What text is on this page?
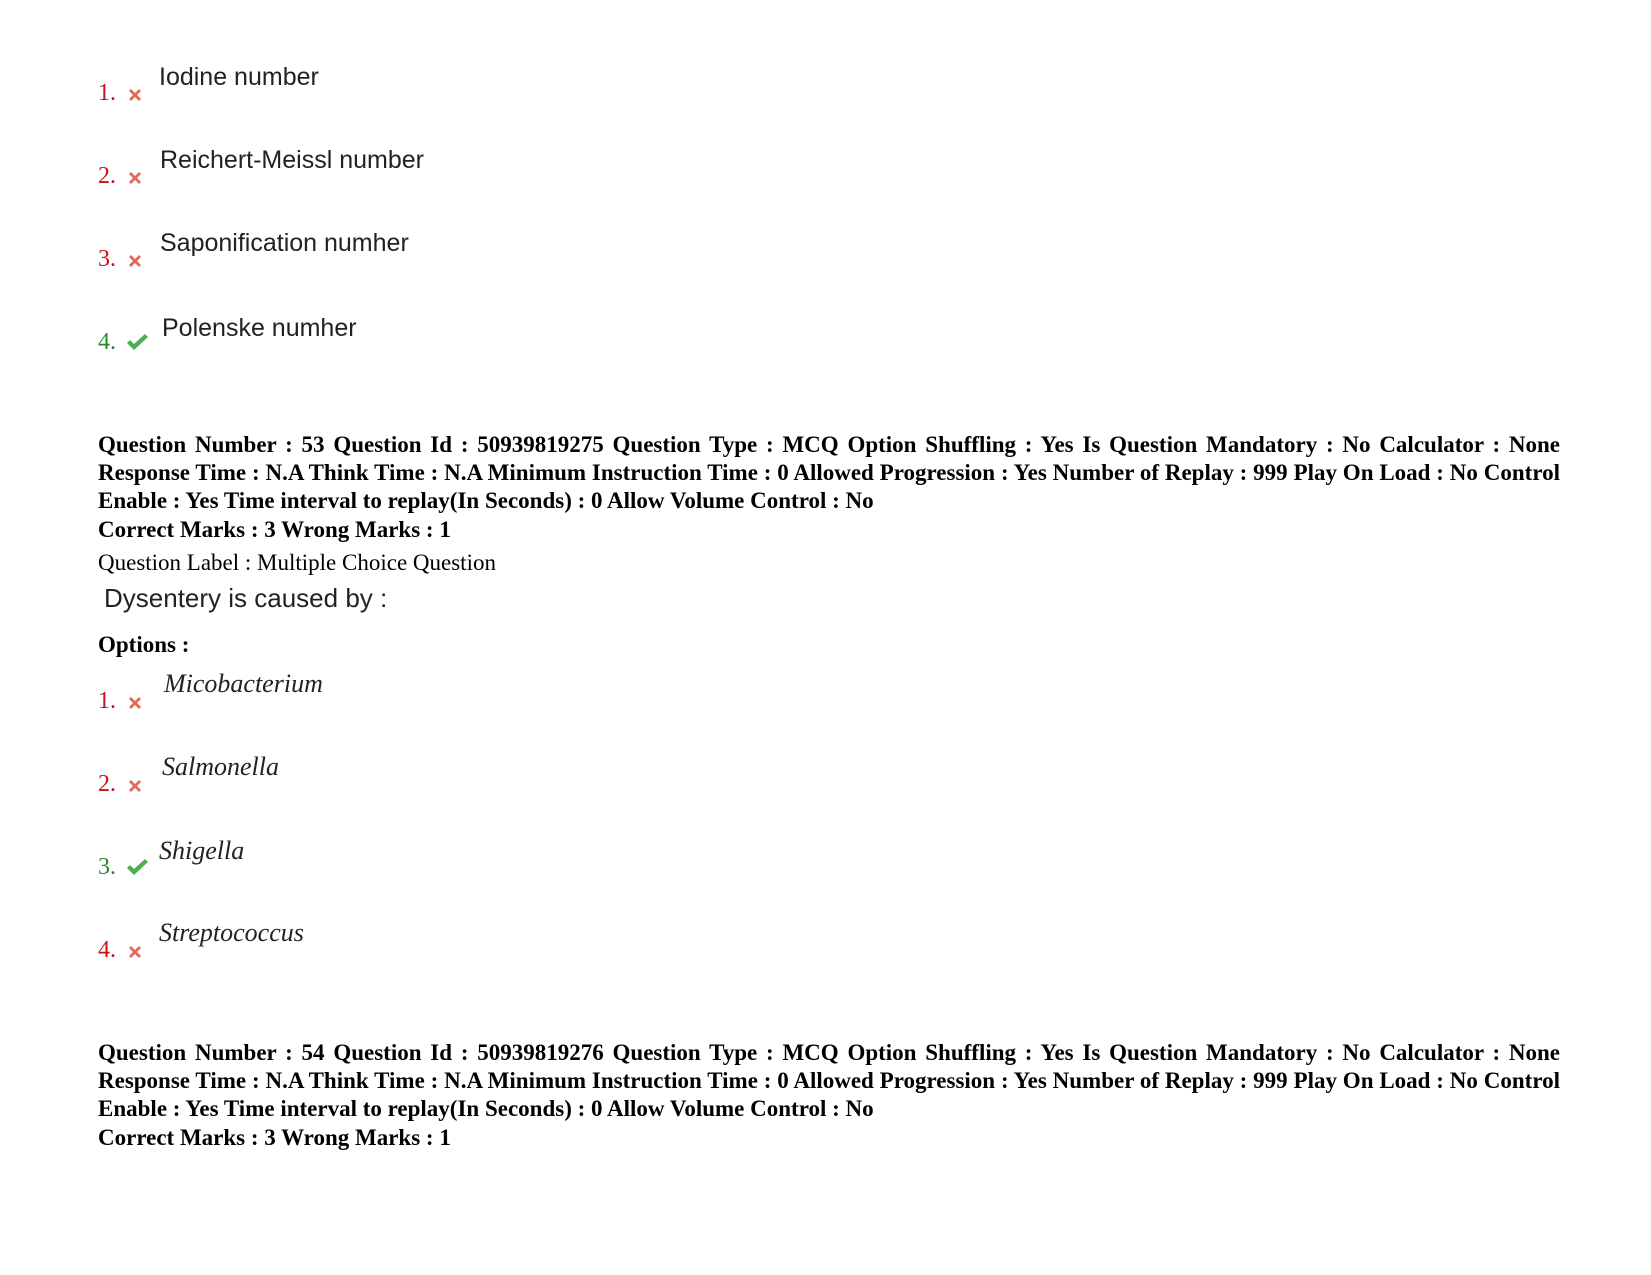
1.
Iodine number
2.
Reichert-Meissl number
3.
Saponification numher
4. Polenske numher
Question Number : 53 Question Id : 50939819275 Question Type : MCQ Option Shuffling : Yes Is Question Mandatory : No Calculator : None Response Time : N.A Think Time : N.A Minimum Instruction Time : 0 Allowed Progression : Yes Number of Replay : 999 Play On Load : No Control Enable : Yes Time interval to replay(In Seconds) : 0 Allow Volume Control : No
Correct Marks : 3 Wrong Marks : 1
Question Label : Multiple Choice Question
Dysentery is caused by :
Options :
1.
Micobacterium
2.
Salmonella
3.
Shigella
4.
Streptococcus
Question Number : 54 Question Id : 50939819276 Question Type : MCQ Option Shuffling : Yes Is Question Mandatory : No Calculator : None Response Time : N.A Think Time : N.A Minimum Instruction Time : 0 Allowed Progression : Yes Number of Replay : 999 Play On Load : No Control Enable : Yes Time interval to replay(In Seconds) : 0 Allow Volume Control : No
Correct Marks : 3 Wrong Marks : 1
